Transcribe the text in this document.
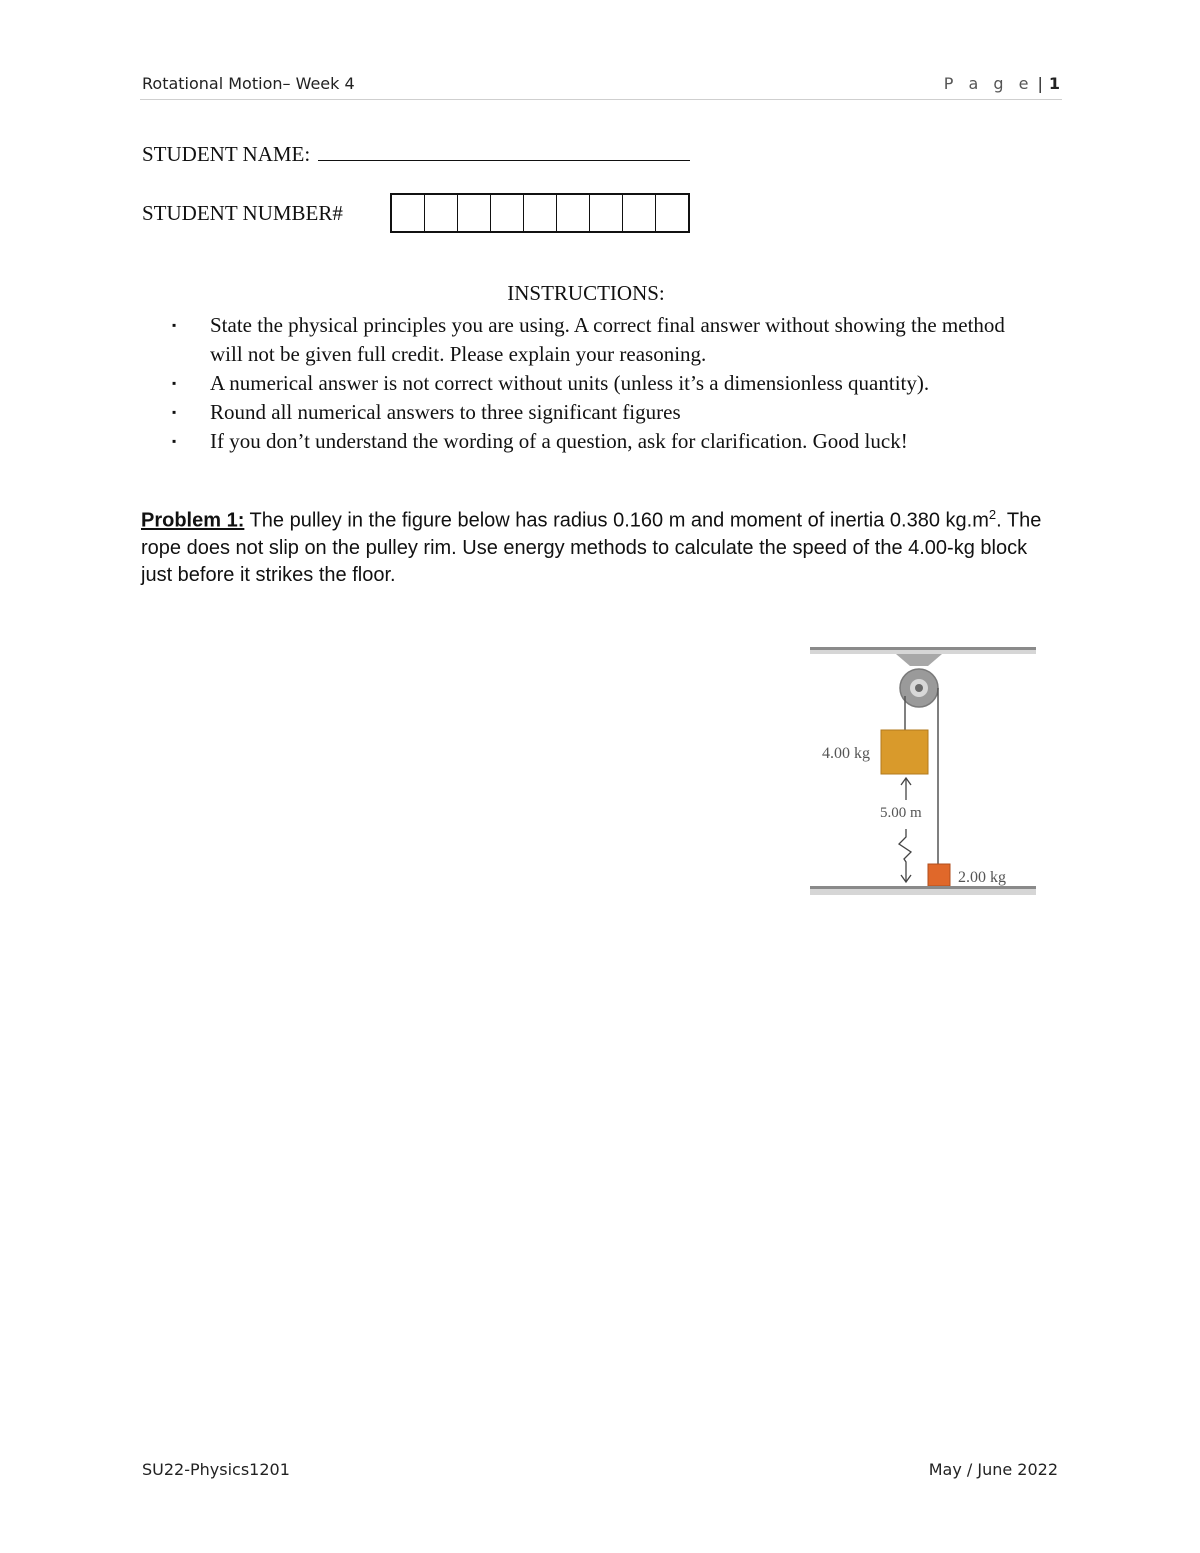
Rotational Motion– Week 4	P a g e | 1
STUDENT NAME:
STUDENT NUMBER#
INSTRUCTIONS:
▪ State the physical principles you are using. A correct final answer without showing the method will not be given full credit. Please explain your reasoning.
▪ A numerical answer is not correct without units (unless it’s a dimensionless quantity).
▪ Round all numerical answers to three significant figures
▪ If you don’t understand the wording of a question, ask for clarification. Good luck!
Problem 1: The pulley in the figure below has radius 0.160 m and moment of inertia 0.380 $kg.m^2$. The rope does not slip on the pulley rim. Use energy methods to calculate the speed of the 4.00-kg block just before it strikes the floor.
4.00 kg
5.00 m
2.00 kg
SU22-Physics1201	May / June 2022
